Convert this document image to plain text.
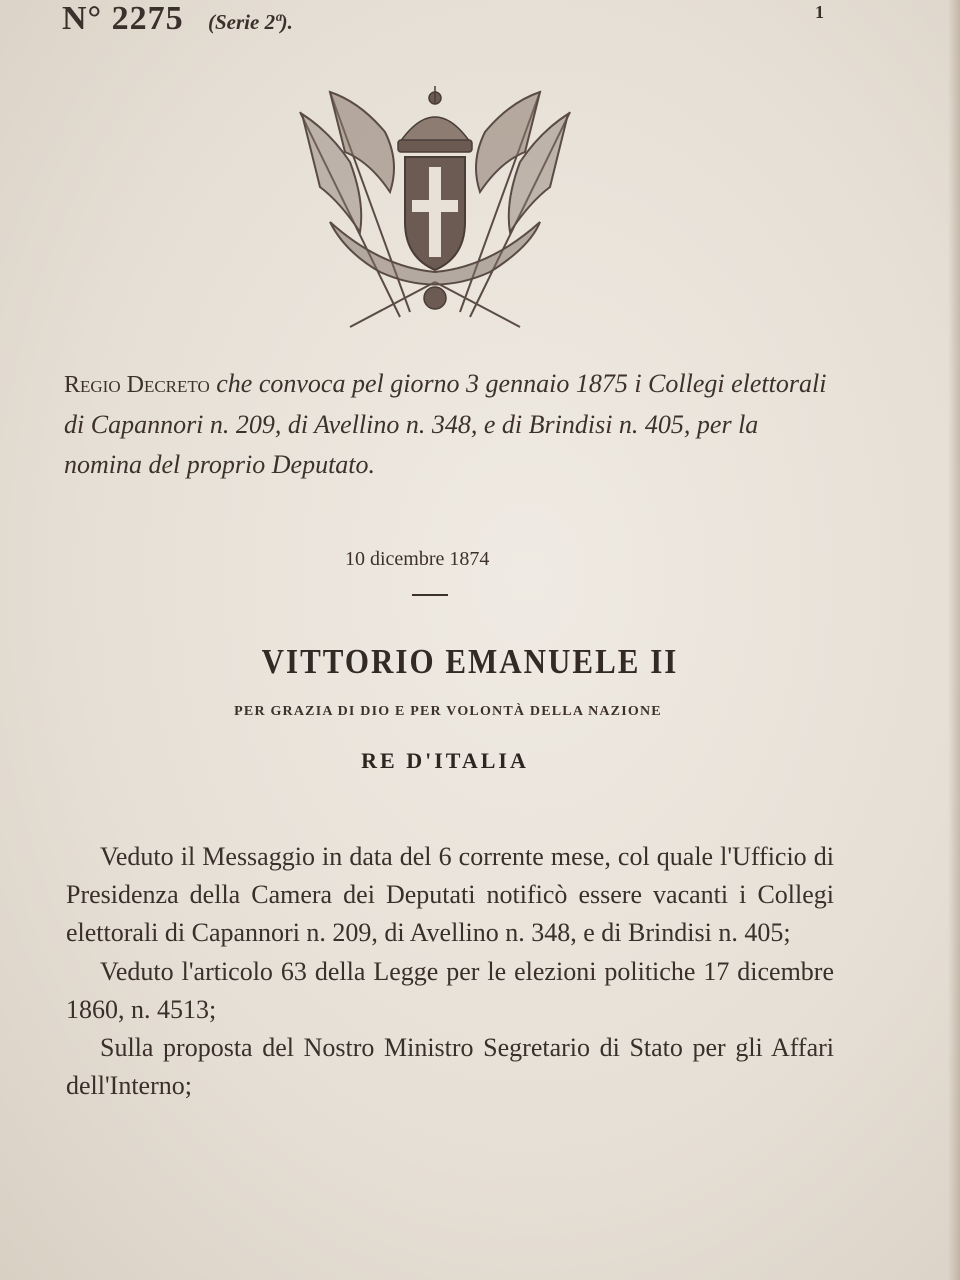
N° 2275 (Serie 2ª).	1
Regio Decreto che convoca pel giorno 3 gennaio 1875 i Collegi elettorali di Capannori n. 209, di Avellino n. 348, e di Brindisi n. 405, per la nomina del proprio Deputato.
10 dicembre 1874
VITTORIO EMANUELE II
PER GRAZIA DI DIO E PER VOLONTÀ DELLA NAZIONE
RE D'ITALIA

Veduto il Messaggio in data del 6 corrente mese, col quale l'Ufficio di Presidenza della Camera dei Deputati notificò essere vacanti i Collegi elettorali di Capannori n. 209, di Avellino n. 348, e di Brindisi n. 405;

Veduto l'articolo 63 della Legge per le elezioni politiche 17 dicembre 1860, n. 4513;

Sulla proposta del Nostro Ministro Segretario di Stato per gli Affari dell'Interno;
